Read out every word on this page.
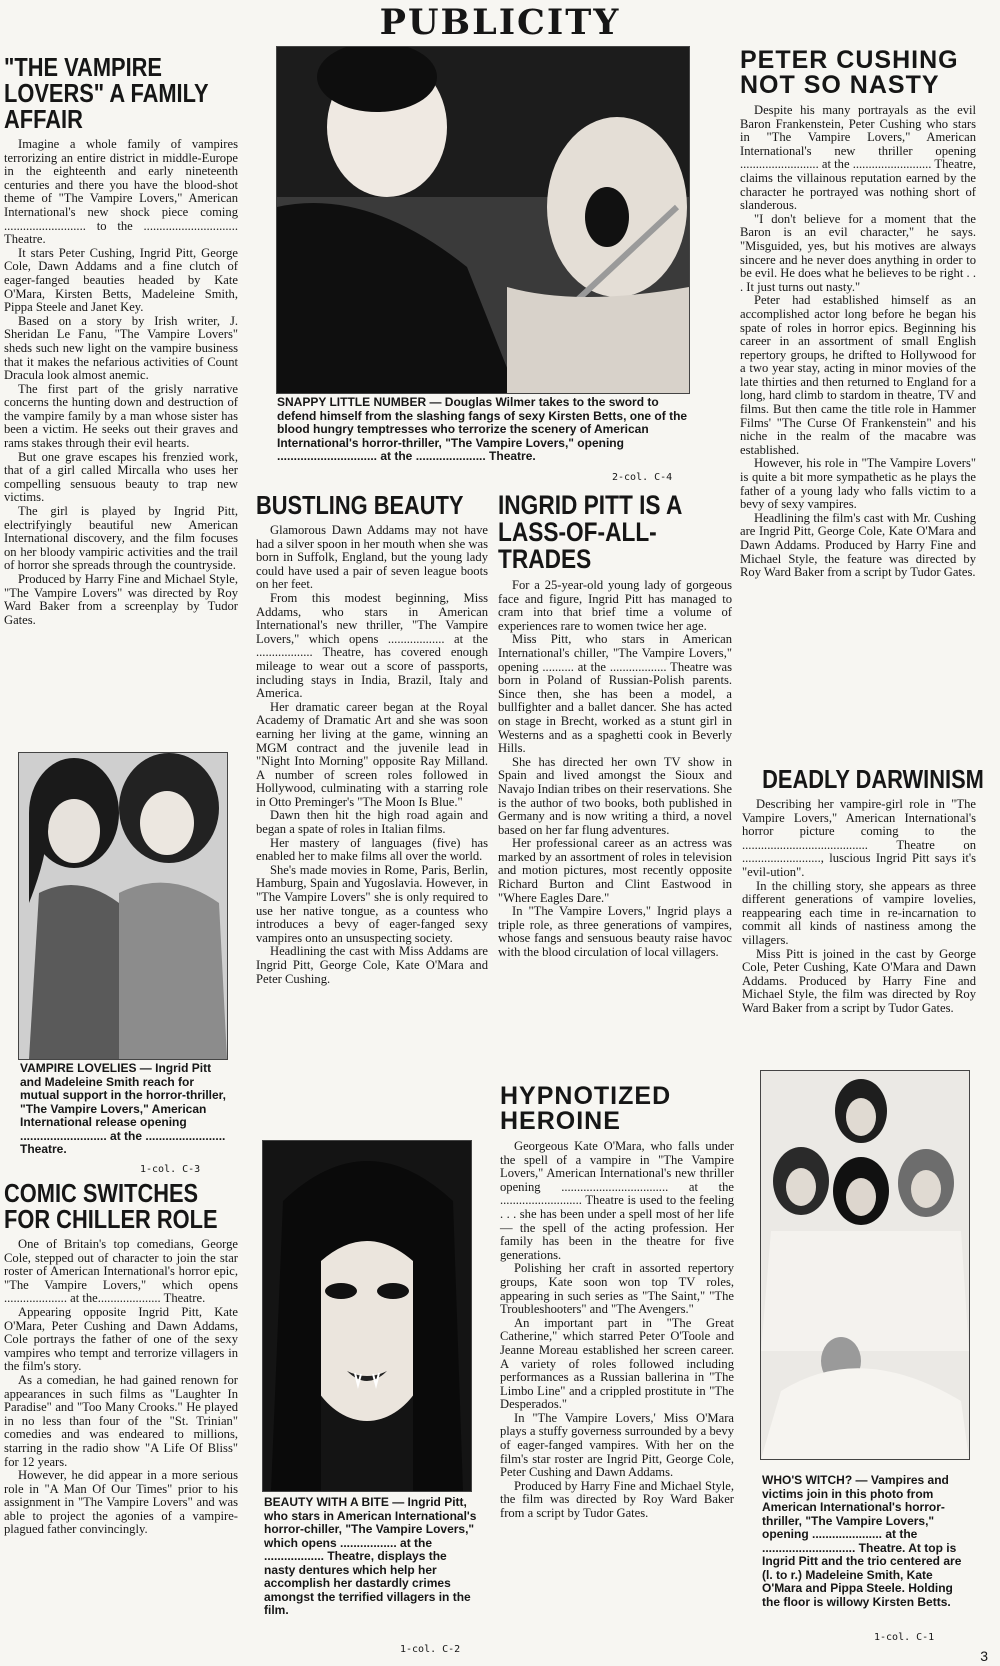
PUBLICITY
"THE VAMPIRE LOVERS" A FAMILY AFFAIR

Imagine a whole family of vampires terrorizing an entire district in middle-Europe in the eighteenth and early nineteenth centuries and there you have the blood-shot theme of "The Vampire Lovers," American International's new shock piece coming .......................... to the .............................. Theatre.

It stars Peter Cushing, Ingrid Pitt, George Cole, Dawn Addams and a fine clutch of eager-fanged beauties headed by Kate O'Mara, Kirsten Betts, Madeleine Smith, Pippa Steele and Janet Key.

Based on a story by Irish writer, J. Sheridan Le Fanu, "The Vampire Lovers" sheds such new light on the vampire business that it makes the nefarious activities of Count Dracula look almost anemic.

The first part of the grisly narrative concerns the hunting down and destruction of the vampire family by a man whose sister has been a victim. He seeks out their graves and rams stakes through their evil hearts.

But one grave escapes his frenzied work, that of a girl called Mircalla who uses her compelling sensuous beauty to trap new victims.

The girl is played by Ingrid Pitt, electrifyingly beautiful new American International discovery, and the film focuses on her bloody vampiric activities and the trail of horror she spreads through the countryside.

Produced by Harry Fine and Michael Style, "The Vampire Lovers" was directed by Roy Ward Baker from a screenplay by Tudor Gates.

VAMPIRE LOVELIES — Ingrid Pitt and Madeleine Smith reach for mutual support in the horror-thriller, "The Vampire Lovers," American International release opening .......................... at the ........................ Theatre.

1-col. C-3
COMIC SWITCHES FOR CHILLER ROLE

One of Britain's top comedians, George Cole, stepped out of character to join the star roster of American International's horror epic, "The Vampire Lovers," which opens .................... at the.................... Theatre.

Appearing opposite Ingrid Pitt, Kate O'Mara, Peter Cushing and Dawn Addams, Cole portrays the father of one of the sexy vampires who tempt and terrorize villagers in the film's story.

As a comedian, he had gained renown for appearances in such films as "Laughter In Paradise" and "Too Many Crooks." He played in no less than four of the "St. Trinian" comedies and was endeared to millions, starring in the radio show "A Life Of Bliss" for 12 years.

However, he did appear in a more serious role in "A Man Of Our Times" prior to his assignment in "The Vampire Lovers" and was able to project the agonies of a vampire-plagued father convincingly.

SNAPPY LITTLE NUMBER — Douglas Wilmer takes to the sword to defend himself from the slashing fangs of sexy Kirsten Betts, one of the blood hungry temptresses who terrorize the scenery of American International's horror-thriller, "The Vampire Lovers," opening .............................. at the ..................... Theatre.

2-col. C-4
BUSTLING BEAUTY

Glamorous Dawn Addams may not have had a silver spoon in her mouth when she was born in Suffolk, England, but the young lady could have used a pair of seven league boots on her feet.

From this modest beginning, Miss Addams, who stars in American International's new thriller, "The Vampire Lovers," which opens .................. at the .................. Theatre, has covered enough mileage to wear out a score of passports, including stays in India, Brazil, Italy and America.

Her dramatic career began at the Royal Academy of Dramatic Art and she was soon earning her living at the game, winning an MGM contract and the juvenile lead in "Night Into Morning" opposite Ray Milland. A number of screen roles followed in Hollywood, culminating with a starring role in Otto Preminger's "The Moon Is Blue."

Dawn then hit the high road again and began a spate of roles in Italian films.

Her mastery of languages (five) has enabled her to make films all over the world.

She's made movies in Rome, Paris, Berlin, Hamburg, Spain and Yugoslavia. However, in "The Vampire Lovers" she is only required to use her native tongue, as a countess who introduces a bevy of eager-fanged sexy vampires onto an unsuspecting society.

Headlining the cast with Miss Addams are Ingrid Pitt, George Cole, Kate O'Mara and Peter Cushing.

BEAUTY WITH A BITE — Ingrid Pitt, who stars in American International's horror-chiller, "The Vampire Lovers," which opens ................. at the .................. Theatre, displays the nasty dentures which help her accomplish her dastardly crimes amongst the terrified villagers in the film.

1-col. C-2
INGRID PITT IS A LASS-OF-ALL-TRADES

For a 25-year-old young lady of gorgeous face and figure, Ingrid Pitt has managed to cram into that brief time a volume of experiences rare to women twice her age.

Miss Pitt, who stars in American International's chiller, "The Vampire Lovers," opening .......... at the .................. Theatre was born in Poland of Russian-Polish parents. Since then, she has been a model, a bullfighter and a ballet dancer. She has acted on stage in Brecht, worked as a stunt girl in Westerns and as a spaghetti cook in Beverly Hills.

She has directed her own TV show in Spain and lived amongst the Sioux and Navajo Indian tribes on their reservations. She is the author of two books, both published in Germany and is now writing a third, a novel based on her far flung adventures.

Her professional career as an actress was marked by an assortment of roles in television and motion pictures, most recently opposite Richard Burton and Clint Eastwood in "Where Eagles Dare."

In "The Vampire Lovers," Ingrid plays a triple role, as three generations of vampires, whose fangs and sensuous beauty raise havoc with the blood circulation of local villagers.

HYPNOTIZED HEROINE

Georgeous Kate O'Mara, who falls under the spell of a vampire in "The Vampire Lovers," American International's new thriller opening .................................. at the .......................... Theatre is used to the feeling . . . she has been under a spell most of her life — the spell of the acting profession. Her family has been in the theatre for five generations.

Polishing her craft in assorted repertory groups, Kate soon won top TV roles, appearing in such series as "The Saint," "The Troubleshooters" and "The Avengers."

An important part in "The Great Catherine," which starred Peter O'Toole and Jeanne Moreau established her screen career. A variety of roles followed including performances as a Russian ballerina in "The Limbo Line" and a crippled prostitute in "The Desperados."

In "The Vampire Lovers,' Miss O'Mara plays a stuffy governess surrounded by a bevy of eager-fanged vampires. With her on the film's star roster are Ingrid Pitt, George Cole, Peter Cushing and Dawn Addams.

Produced by Harry Fine and Michael Style, the film was directed by Roy Ward Baker from a script by Tudor Gates.

PETER CUSHING NOT SO NASTY

Despite his many portrayals as the evil Baron Frankenstein, Peter Cushing who stars in "The Vampire Lovers," American International's new thriller opening ......................... at the ......................... Theatre, claims the villainous reputation earned by the character he portrayed was nothing short of slanderous.

"I don't believe for a moment that the Baron is an evil character," he says. "Misguided, yes, but his motives are always sincere and he never does anything in order to be evil. He does what he believes to be right . . . It just turns out nasty."

Peter had established himself as an accomplished actor long before he began his spate of roles in horror epics. Beginning his career in an assortment of small English repertory groups, he drifted to Hollywood for a two year stay, acting in minor movies of the late thirties and then returned to England for a long, hard climb to stardom in theatre, TV and films. But then came the title role in Hammer Films' "The Curse Of Frankenstein" and his niche in the realm of the macabre was established.

However, his role in "The Vampire Lovers" is quite a bit more sympathetic as he plays the father of a young lady who falls victim to a bevy of sexy vampires.

Headlining the film's cast with Mr. Cushing are Ingrid Pitt, George Cole, Kate O'Mara and Dawn Addams. Produced by Harry Fine and Michael Style, the feature was directed by Roy Ward Baker from a script by Tudor Gates.

DEADLY DARWINISM

Describing her vampire-girl role in "The Vampire Lovers," American International's horror picture coming to the ........................................ Theatre on ........................., luscious Ingrid Pitt says it's "evil-ution".

In the chilling story, she appears as three different generations of vampire lovelies, reappearing each time in re-incarnation to commit all kinds of nastiness among the villagers.

Miss Pitt is joined in the cast by George Cole, Peter Cushing, Kate O'Mara and Dawn Addams. Produced by Harry Fine and Michael Style, the film was directed by Roy Ward Baker from a script by Tudor Gates.

WHO'S WITCH? — Vampires and victims join in this photo from American International's horror-thriller, "The Vampire Lovers," opening ..................... at the ............................ Theatre. At top is Ingrid Pitt and the trio centered are (l. to r.) Madeleine Smith, Kate O'Mara and Pippa Steele. Holding the floor is willowy Kirsten Betts.

1-col. C-1
3
